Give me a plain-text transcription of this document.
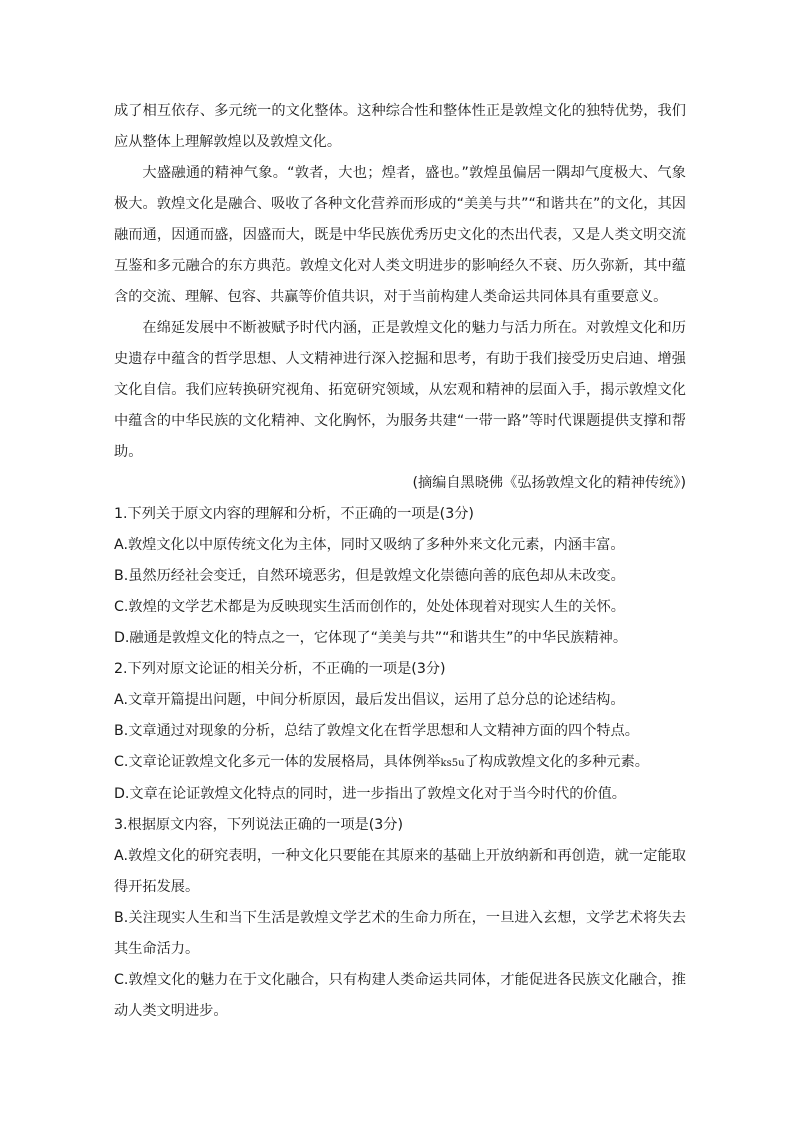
成了相互依存、多元统一的文化整体。这种综合性和整体性正是敦煌文化的独特优势，我们应从整体上理解敦煌以及敦煌文化。

大盛融通的精神气象。“敦者，大也；煌者，盛也。”敦煌虽偏居一隅却气度极大、气象极大。敦煌文化是融合、吸收了各种文化营养而形成的“美美与共”“和谐共在”的文化，其因融而通，因通而盛，因盛而大，既是中华民族优秀历史文化的杰出代表，又是人类文明交流互鉴和多元融合的东方典范。敦煌文化对人类文明进步的影响经久不衰、历久弥新，其中蕴含的交流、理解、包容、共赢等价值共识，对于当前构建人类命运共同体具有重要意义。

在绵延发展中不断被赋予时代内涵，正是敦煌文化的魅力与活力所在。对敦煌文化和历史遗存中蕴含的哲学思想、人文精神进行深入挖掘和思考，有助于我们接受历史启迪、增强文化自信。我们应转换研究视角、拓宽研究领域，从宏观和精神的层面入手，揭示敦煌文化中蕴含的中华民族的文化精神、文化胸怀，为服务共建“一带一路”等时代课题提供支撑和帮助。

(摘编自黑晓佛《弘扬敦煌文化的精神传统》)

1.下列关于原文内容的理解和分析，不正确的一项是(3分)

A.敦煌文化以中原传统文化为主体，同时又吸纳了多种外来文化元素，内涵丰富。

B.虽然历经社会变迁，自然环境恶劣，但是敦煌文化崇德向善的底色却从未改变。

C.敦煌的文学艺术都是为反映现实生活而创作的，处处体现着对现实人生的关怀。

D.融通是敦煌文化的特点之一，它体现了“美美与共”“和谐共生”的中华民族精神。

2.下列对原文论证的相关分析，不正确的一项是(3分)

A.文章开篇提出问题，中间分析原因，最后发出倡议，运用了总分总的论述结构。

B.文章通过对现象的分析，总结了敦煌文化在哲学思想和人文精神方面的四个特点。

C.文章论证敦煌文化多元一体的发展格局，具体例举ks5u了构成敦煌文化的多种元素。

D.文章在论证敦煌文化特点的同时，进一步指出了敦煌文化对于当今时代的价值。

3.根据原文内容，下列说法正确的一项是(3分)

A.敦煌文化的研究表明，一种文化只要能在其原来的基础上开放纳新和再创造，就一定能取得开拓发展。

B.关注现实人生和当下生活是敦煌文学艺术的生命力所在，一旦进入玄想，文学艺术将失去其生命活力。

C.敦煌文化的魅力在于文化融合，只有构建人类命运共同体，才能促进各民族文化融合，推动人类文明进步。
